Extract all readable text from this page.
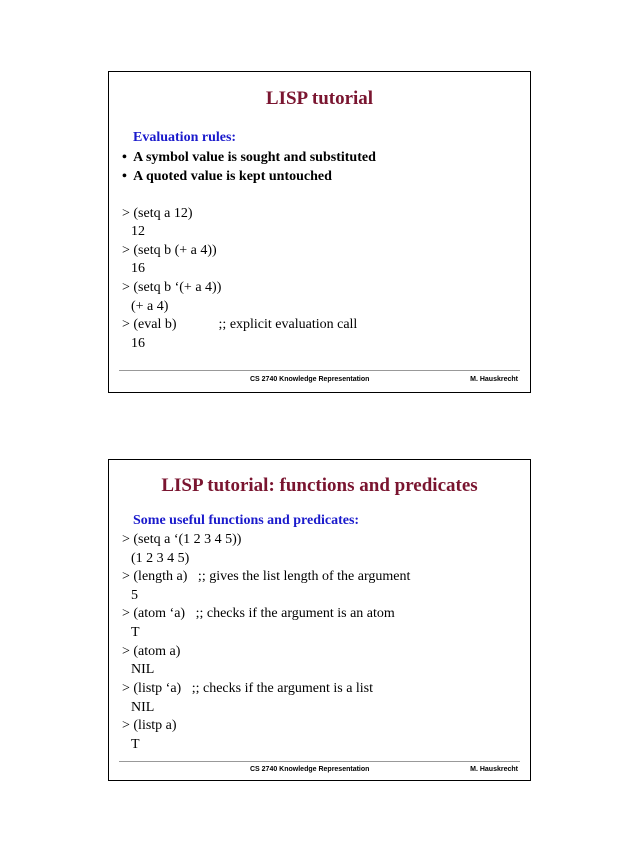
LISP tutorial
Evaluation rules:
•  A symbol value is sought and substituted
•  A quoted value is kept untouched
> (setq a 12)
12
> (setq b (+ a 4))
16
> (setq b ‘(+ a 4))
(+ a 4)
> (eval b)            ;; explicit evaluation call
16
CS 2740 Knowledge Representation	M. Hauskrecht
LISP tutorial: functions and predicates
Some useful functions and predicates:
> (setq a ‘(1 2 3 4 5))
(1 2 3 4 5)
> (length a)   ;; gives the list length of the argument
5
> (atom ‘a)   ;; checks if the argument is an atom
T
> (atom a)
NIL
> (listp ‘a)   ;; checks if the argument is a list
NIL
> (listp a)
T
CS 2740 Knowledge Representation	M. Hauskrecht
